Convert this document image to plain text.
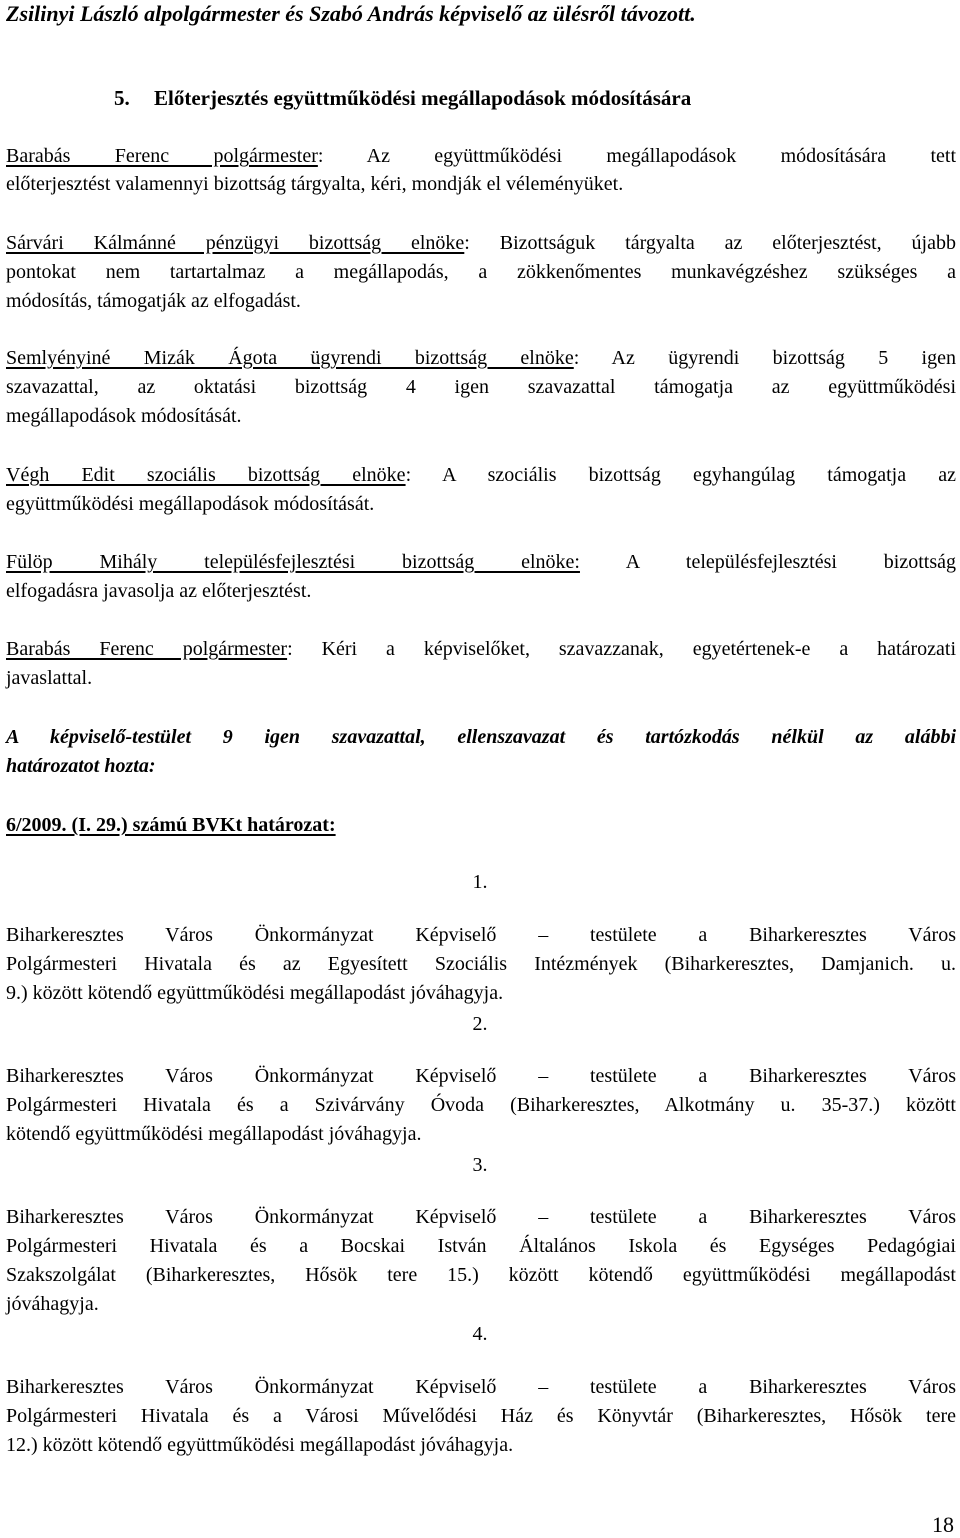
Zsilinyi László alpolgármester és Szabó András képviselő az ülésről távozott.
5. Előterjesztés együttműködési megállapodások módosítására
Barabás Ferenc polgármester: Az együttműködési megállapodások módosítására tett
előterjesztést valamennyi bizottság tárgyalta, kéri, mondják el véleményüket.
Sárvári Kálmánné pénzügyi bizottság elnöke: Bizottságuk tárgyalta az előterjesztést, újabb
pontokat nem tartartalmaz a megállapodás, a zökkenőmentes munkavégzéshez szükséges a
módosítás, támogatják az elfogadást.
Semlyényiné Mizák Ágota ügyrendi bizottság elnöke: Az ügyrendi bizottság 5 igen
szavazattal, az oktatási bizottság 4 igen szavazattal támogatja az együttműködési
megállapodások módosítását.
Végh Edit szociális bizottság elnöke: A szociális bizottság egyhangúlag támogatja az
együttműködési megállapodások módosítását.
Fülöp Mihály településfejlesztési bizottság elnöke: A településfejlesztési bizottság
elfogadásra javasolja az előterjesztést.
Barabás Ferenc polgármester: Kéri a képviselőket, szavazzanak, egyetértenek-e a határozati
javaslattal.
A képviselő-testület 9 igen szavazattal, ellenszavazat és tartózkodás nélkül az alábbi
határozatot hozta:
6/2009. (I. 29.) számú BVKt határozat:
1.
Biharkeresztes Város Önkormányzat Képviselő – testülete a Biharkeresztes Város
Polgármesteri Hivatala és az Egyesített Szociális Intézmények (Biharkeresztes, Damjanich. u.
9.) között kötendő együttműködési megállapodást jóváhagyja.
2.
Biharkeresztes Város Önkormányzat Képviselő – testülete a Biharkeresztes Város
Polgármesteri Hivatala és a Szivárvány Óvoda (Biharkeresztes, Alkotmány u. 35-37.) között
kötendő együttműködési megállapodást jóváhagyja.
3.
Biharkeresztes Város Önkormányzat Képviselő – testülete a Biharkeresztes Város
Polgármesteri Hivatala és a Bocskai István Általános Iskola és Egységes Pedagógiai
Szakszolgálat (Biharkeresztes, Hősök tere 15.) között kötendő együttműködési megállapodást
jóváhagyja.
4.
Biharkeresztes Város Önkormányzat Képviselő – testülete a Biharkeresztes Város
Polgármesteri Hivatala és a Városi Művelődési Ház és Könyvtár (Biharkeresztes, Hősök tere
12.) között kötendő együttműködési megállapodást jóváhagyja.
18
